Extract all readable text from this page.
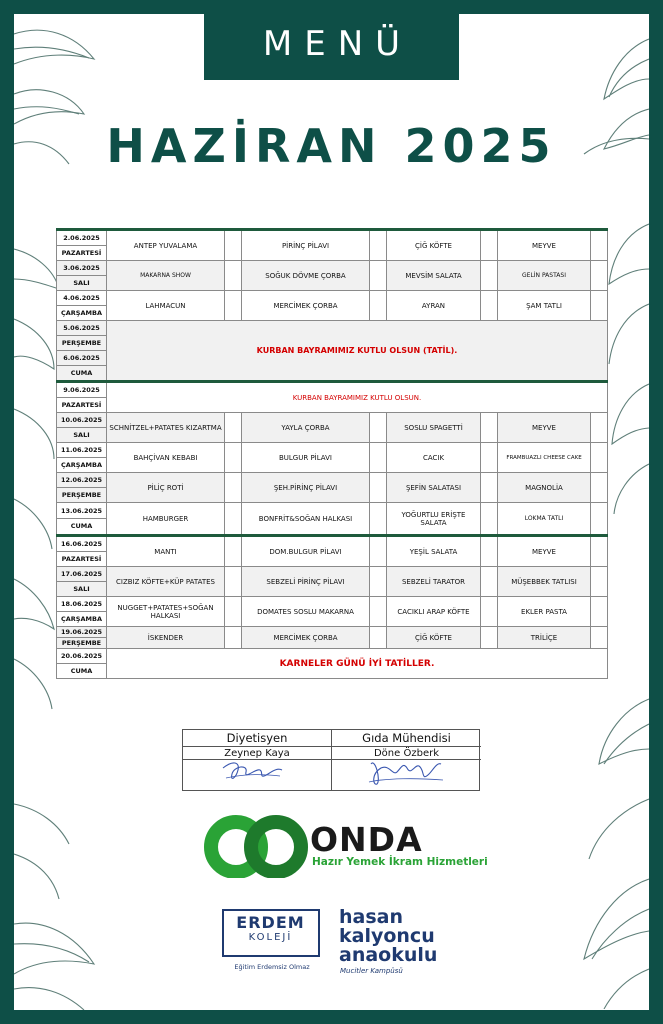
MENÜ
HAZİRAN 2025
2.06.2025
PAZARTESİ	ANTEP YUVALAMA		PİRİNÇ PİLAVI		ÇİĞ KÖFTE		MEYVE	

3.06.2025
SALI	MAKARNA SHOW		SOĞUK DÖVME ÇORBA		MEVSİM SALATA		GELİN PASTASI	

4.06.2025
ÇARŞAMBA	LAHMACUN		MERCİMEK ÇORBA		AYRAN		ŞAM TATLI	

5.06.2025
PERŞEMBE
6.06.2025
CUMA	KURBAN BAYRAMIMIZ KUTLU OLSUN (TATİL).							

9.06.2025
PAZARTESİ	KURBAN BAYRAMIMIZ KUTLU OLSUN.							

10.06.2025
SALI	SCHNİTZEL+PATATES KIZARTMA		YAYLA ÇORBA		SOSLU SPAGETTİ		MEYVE	

11.06.2025
ÇARŞAMBA	BAHÇİVAN KEBABI		BULGUR PİLAVI		CACIK		FRAMBUAZLI CHEESE CAKE	

12.06.2025
PERŞEMBE	PİLİÇ ROTİ		ŞEH.PİRİNÇ PİLAVI		ŞEFİN SALATASI		MAGNOLİA	

13.06.2025
CUMA	HAMBURGER		BONFRİT&SOĞAN HALKASI		YOĞURTLU ERİŞTE SALATA		LOKMA TATLI	

16.06.2025
PAZARTESİ	MANTI		DOM.BULGUR PİLAVI		YEŞİL SALATA		MEYVE	

17.06.2025
SALI	CIZBIZ KÖFTE+KÜP PATATES		SEBZELİ PİRİNÇ PİLAVI		SEBZELİ TARATOR		MÜŞEBBEK TATLISI	

18.06.2025
ÇARŞAMBA	NUGGET+PATATES+SOĞAN HALKASI		DOMATES SOSLU MAKARNA		CACIKLI ARAP KÖFTE		EKLER PASTA	

19.06.2025
PERŞEMBE	İSKENDER		MERCİMEK ÇORBA		ÇİĞ KÖFTE		TRİLİÇE	

20.06.2025
CUMA	KARNELER GÜNÜ İYİ TATİLLER.							
Diyetisyen
Zeynep Kaya
Gıda Mühendisi
Döne Özberk
ONDA
Hazır Yemek İkram Hizmetleri
ERDEM
KOLEJİ
Eğitim Erdemsiz Olmaz
hasan
kalyoncu
anaokulu
Mucitler Kampüsü
